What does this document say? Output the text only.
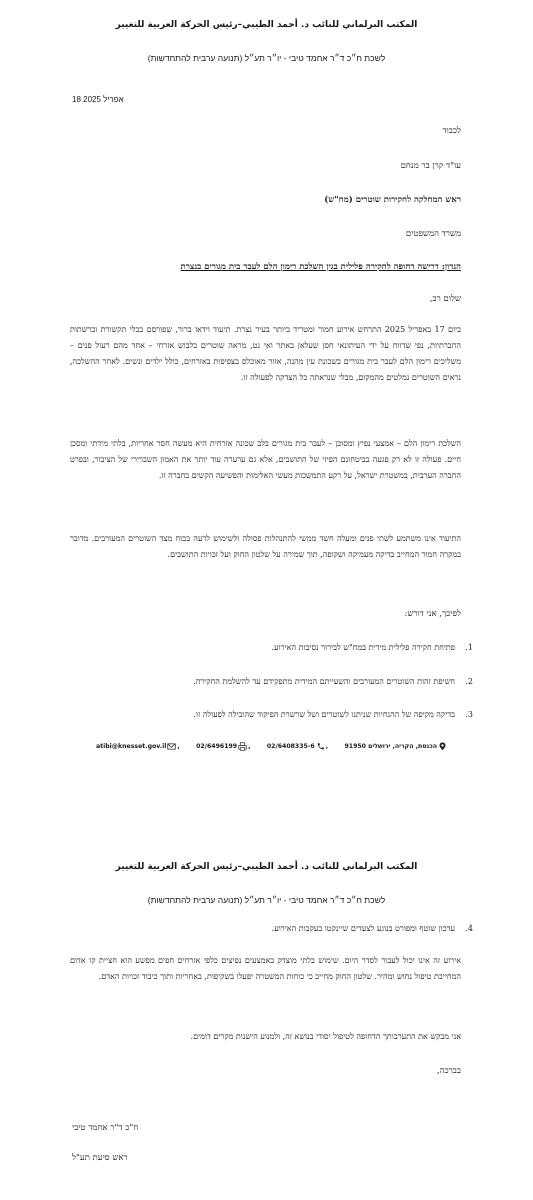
المكتب البرلماني للنائب د. أحمد الطيبي–رئيس الحركة العربية للتغيير
לשכת ח״כ ד״ר אחמד טיבי - יו״ר תע״ל (תנועה ערבית להתחדשות)
18 אפריל 2025
לכבוד
עו"ד קרן בר מנחם
ראש המחלקה לחקירות שוטרים (מח"ש)
משרד המשפטים
הנדון: דרישה דחופה לחקירה פלילית בגין השלכת רימון הלם לעבר בית מגורים בנצרת
שלום רב,
ביום 17 באפריל 2025 התרחש אירוע חמור ומטריד ביותר בעיר נצרת. תיעוד וידאו ברור, שפורסם בכלי תקשורת וברשתות החברתיות, נפי שדווח על ידי העיתונאי חסן שעלאן באתר ואי נט, מראה שוטרים בלבוש אזרחי – אחד מהם רעול פנים – משליכים רימון הלם לעבר בית מגורים בשכונת עין מהנה, אזור מאוכלס בצפיפות באזרחים, כולל ילדים ונשים. לאחר ההשלכה, נראים השוטרים נמלטים מהמקום, מבלי שנראתה כל הצדקה לפעולה זו.
השלכת רימון הלם – אמצעי נפיץ ומסוכן – לעבר בית מגורים בלב שכונה אזרחית היא מעשה חסר אחריות, בלתי מידתי ומסכן חיים. פעולה זו לא רק פגעה בביטחונם הפיזי של התושבים, אלא גם ערערה עוד יותר את האמון השברירי של הציבור, ובפרט החברה הערבית, במשטרת ישראל, על רקע התמשכות מעשי האלימות והפשיעה הקשים בחברה זו.
התיעוד אינו משתמע לשתי פנים ומעלה חשד ממשי להתנהלות פסולה ולשימוש לרעה בכוח מצד השוטרים המעורבים. מדובר במקרה חמור המחייב בדיקה מעמיקה ושקופה, תוך שמירה על שלטון החוק ועל זכויות התושבים.
לפיכך, אני דורש:
1.פתיחת חקירה פלילית מידית במח"ש לבירור נסיבות האירוע.
2.חשיפת זהות השוטרים המעורבים והשעייתם המידית מתפקידם עד להשלמת החקירה.
3.בדיקה מקיפה של ההנחיות שניתנו לשוטרים ושל שרשרת הפיקוד שהובילה לפעולה זו.
atibi@knesset.gov.il ,	02/6496199 ,	02/6408335-6 ,	הכנסת, הקריה, ירושלים 91950
المكتب البرلماني للنائب د. أحمد الطيبي–رئيس الحركة العربية للتغيير
לשכת ח״כ ד״ר אחמד טיבי - יו״ר תע״ל (תנועה ערבית להתחדשות)
4.עדכון שוטף ומפורט בנוגע לצעדים שיינקטו בעקבות האירוע.
אירוע זה אינו יכול לעבור לסדר היום. שימוש בלתי מוצדק באמצעים נפיצים כלפי אזרחים חפים מפשע הוא חציית קו אדום המחייבת טיפול נחוש ומהיר. שלטון החוק מחייב כי כוחות המשטרה יפעלו בשקיפות, באחריות ותוך כיבוד זכויות האדם.
אני מבקש את התערבותך הדחופה לטיפול יסודי בנושא זה, ולמנוע הישנות מקרים דומים.
בברכה,
ח"כ ד"ר אחמד טיבי
ראש סיעת תע"ל
